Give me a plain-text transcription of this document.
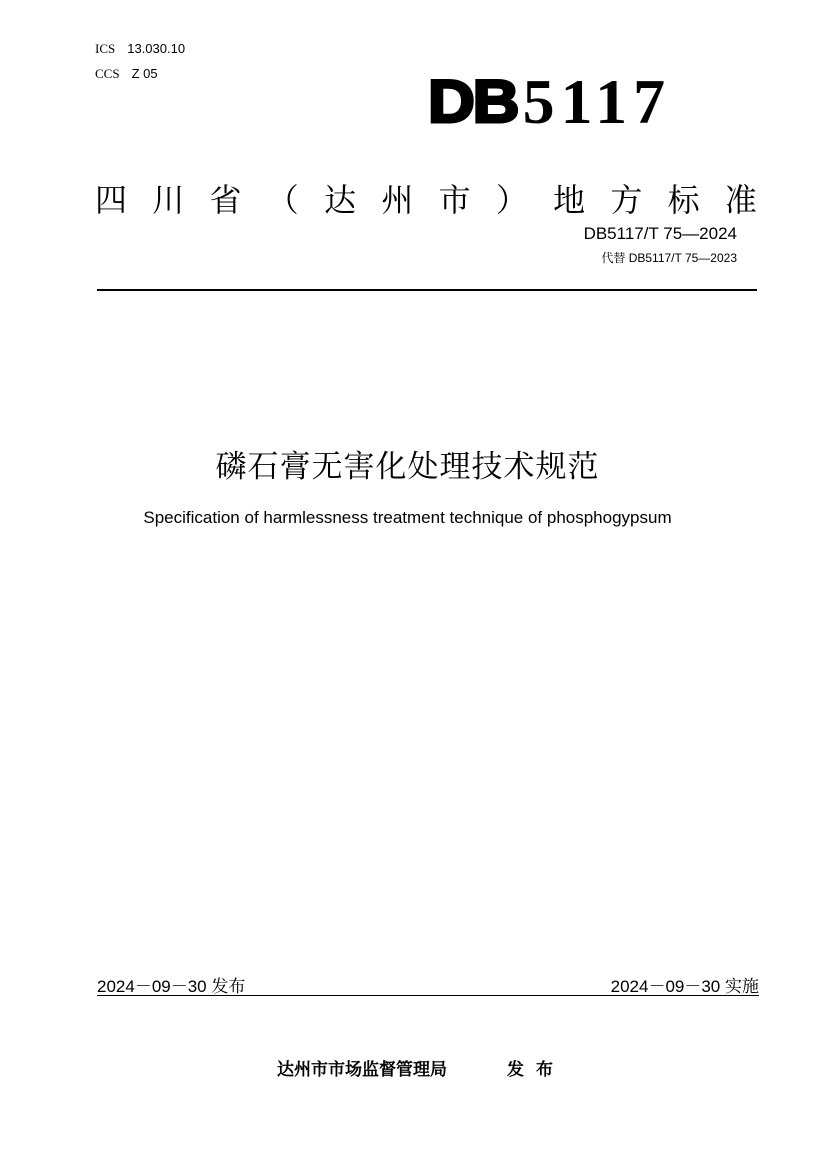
ICS 13.030.10
CCS Z 05	DB 5117
四 川 省 （ 达 州 市 ） 地 方 标 准
DB5117/T 75—2024
代替 DB5117/T 75—2023
磷石膏无害化处理技术规范
Specification of harmlessness treatment technique of phosphogypsum
2024－09－30 发布	2024－09－30 实施
达州市市场监督管理局	发布
